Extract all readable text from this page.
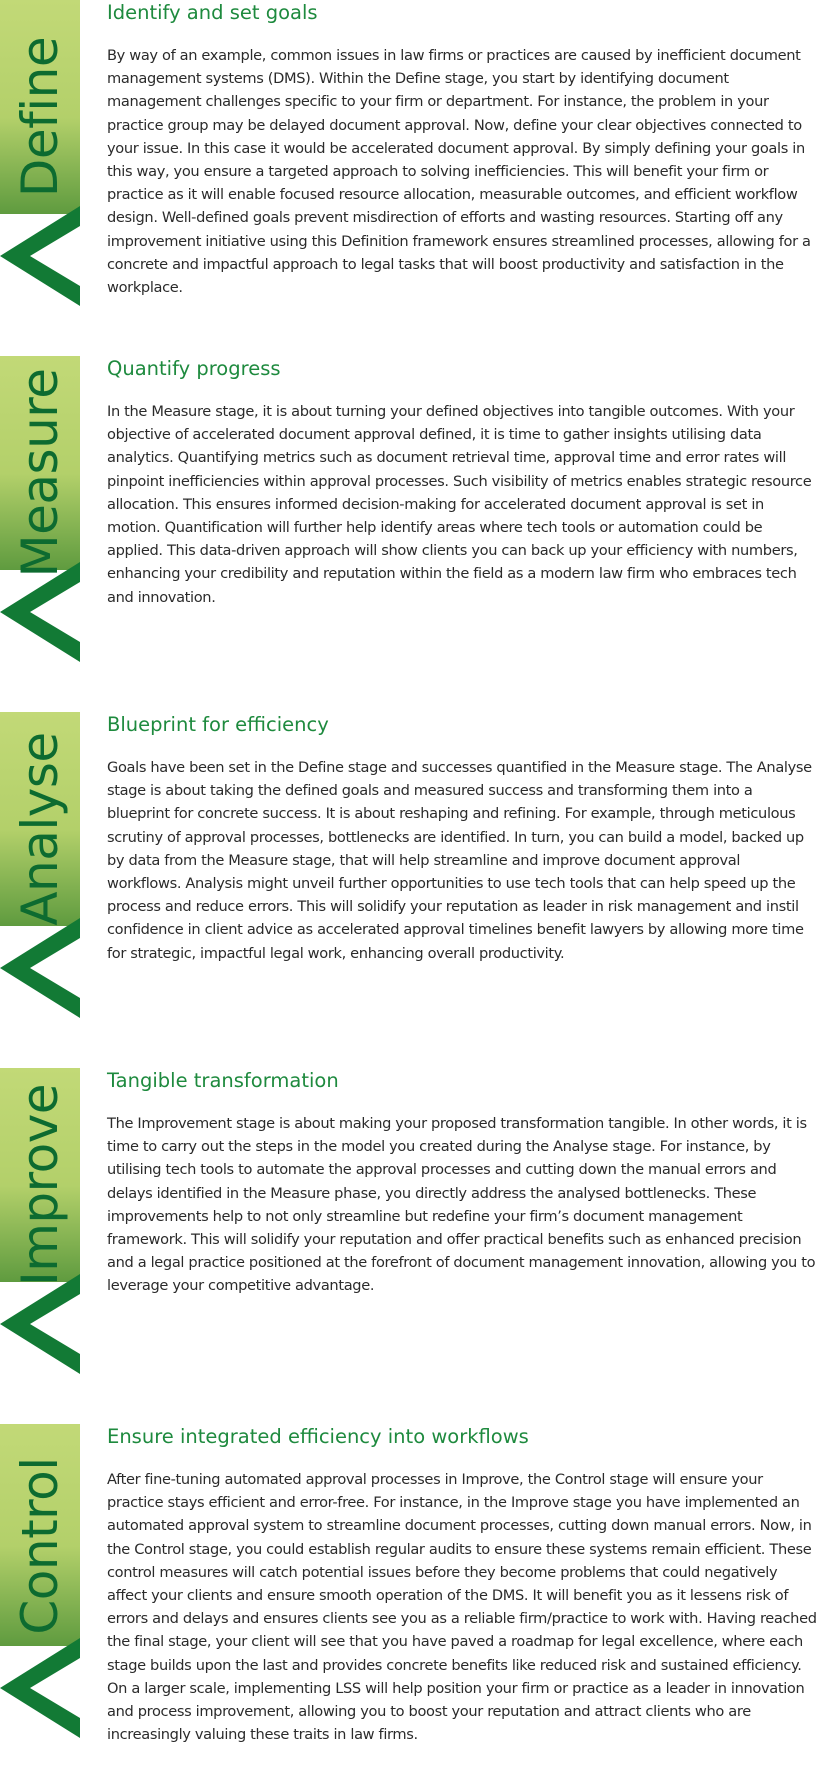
Define
Identify and set goals

By way of an example, common issues in law firms or practices are caused by inefficient document management systems (DMS). Within the Define stage, you start by identifying document management challenges specific to your firm or department. For instance, the problem in your practice group may be delayed document approval. Now, define your clear objectives connected to your issue. In this case it would be accelerated document approval. By simply defining your goals in this way, you ensure a targeted approach to solving inefficiencies. This will benefit your firm or practice as it will enable focused resource allocation, measurable outcomes, and efficient workflow design. Well-defined goals prevent misdirection of efforts and wasting resources. Starting off any improvement initiative using this Definition framework ensures streamlined processes, allowing for a concrete and impactful approach to legal tasks that will boost productivity and satisfaction in the workplace.

Measure Quantify progress

In the Measure stage, it is about turning your defined objectives into tangible outcomes. With your objective of accelerated document approval defined, it is time to gather insights utilising data analytics. Quantifying metrics such as document retrieval time, approval time and error rates will pinpoint inefficiencies within approval processes. Such visibility of metrics enables strategic resource allocation. This ensures informed decision-making for accelerated document approval is set in motion. Quantification will further help identify areas where tech tools or automation could be applied. This data-driven approach will show clients you can back up your efficiency with numbers, enhancing your credibility and reputation within the field as a modern law firm who embraces tech and innovation.

Analyse
Blueprint for efficiency

Goals have been set in the Define stage and successes quantified in the Measure stage. The Analyse stage is about taking the defined goals and measured success and transforming them into a blueprint for concrete success. It is about reshaping and refining. For example, through meticulous scrutiny of approval processes, bottlenecks are identified. In turn, you can build a model, backed up by data from the Measure stage, that will help streamline and improve document approval workflows. Analysis might unveil further opportunities to use tech tools that can help speed up the process and reduce errors. This will solidify your reputation as leader in risk management and instil confidence in client advice as accelerated approval timelines benefit lawyers by allowing more time for strategic, impactful legal work, enhancing overall productivity.

Improve
Tangible transformation

The Improvement stage is about making your proposed transformation tangible. In other words, it is time to carry out the steps in the model you created during the Analyse stage. For instance, by utilising tech tools to automate the approval processes and cutting down the manual errors and delays identified in the Measure phase, you directly address the analysed bottlenecks. These improvements help to not only streamline but redefine your firm’s document management framework. This will solidify your reputation and offer practical benefits such as enhanced precision and a legal practice positioned at the forefront of document management innovation, allowing you to leverage your competitive advantage.

Control
Ensure integrated efficiency into workflows

After fine-tuning automated approval processes in Improve, the Control stage will ensure your practice stays efficient and error-free. For instance, in the Improve stage you have implemented an automated approval system to streamline document processes, cutting down manual errors. Now, in the Control stage, you could establish regular audits to ensure these systems remain efficient. These control measures will catch potential issues before they become problems that could negatively affect your clients and ensure smooth operation of the DMS. It will benefit you as it lessens risk of errors and delays and ensures clients see you as a reliable firm/practice to work with. Having reached the final stage, your client will see that you have paved a roadmap for legal excellence, where each stage builds upon the last and provides concrete benefits like reduced risk and sustained efficiency. On a larger scale, implementing LSS will help position your firm or practice as a leader in innovation and process improvement, allowing you to boost your reputation and attract clients who are increasingly valuing these traits in law firms.
